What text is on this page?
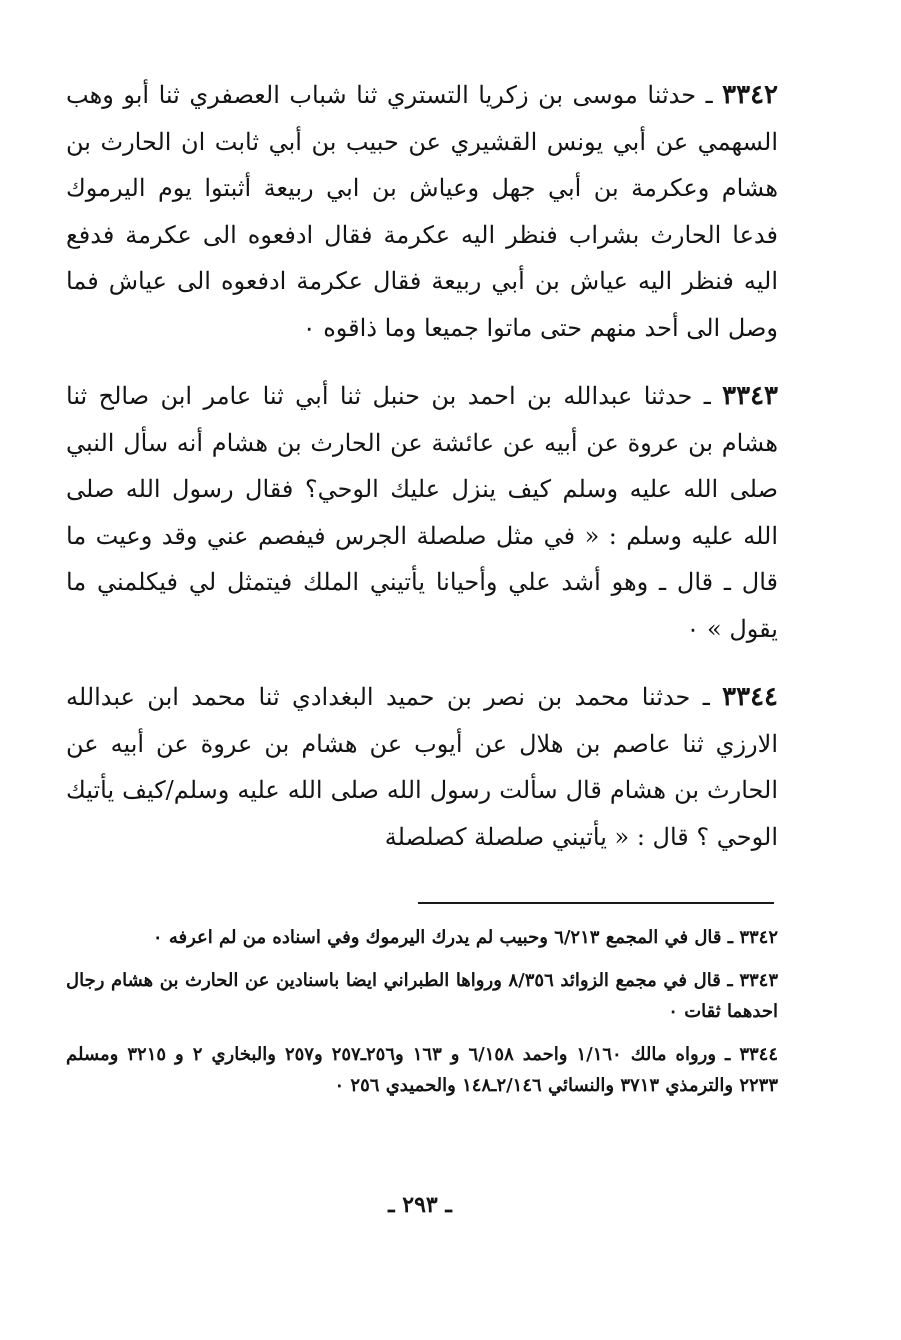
٣٣٤٢ ـ حدثنا موسى بن زكريا التستري ثنا شباب العصفري ثنا أبو وهب السهمي عن أبي يونس القشيري عن حبيب بن أبي ثابت ان الحارث بن هشام وعكرمة بن أبي جهل وعياش بن ابي ربيعة أثبتوا يوم اليرموك فدعا الحارث بشراب فنظر اليه عكرمة فقال ادفعوه الى عكرمة فدفع اليه فنظر اليه عياش بن أبي ربيعة فقال عكرمة ادفعوه الى عياش فما وصل الى أحد منهم حتى ماتوا جميعا وما ذاقوه ٠

٣٣٤٣ ـ حدثنا عبدالله بن احمد بن حنبل ثنا أبي ثنا عامر ابن صالح ثنا هشام بن عروة عن أبيه عن عائشة عن الحارث بن هشام أنه سأل النبي صلى الله عليه وسلم كيف ينزل عليك الوحي؟ فقال رسول الله صلى الله عليه وسلم : « في مثل صلصلة الجرس فيفصم عني وقد وعيت ما قال ـ قال ـ وهو أشد علي وأحيانا يأتيني الملك فيتمثل لي فيكلمني ما يقول » ٠

٣٣٤٤ ـ حدثنا محمد بن نصر بن حميد البغدادي ثنا محمد ابن عبدالله الارزي ثنا عاصم بن هلال عن أيوب عن هشام بن عروة عن أبيه عن الحارث بن هشام قال سألت رسول الله صلى الله عليه وسلم/كيف يأتيك الوحي ؟ قال : « يأتيني صلصلة كصلصلة

٣٣٤٢ ـ قال في المجمع ٦/٢١٣ وحبيب لم يدرك اليرموك وفي اسناده من لم اعرفه ٠

٣٣٤٣ ـ قال في مجمع الزوائد ٨/٣٥٦ ورواها الطبراني ايضا باسنادين عن الحارث بن هشام رجال احدهما ثقات ٠

٣٣٤٤ ـ ورواه مالك ١/١٦٠ واحمد ٦/١٥٨ و ١٦٣ و٢٥٦ـ٢٥٧ و٢٥٧ والبخاري ٢ و ٣٢١٥ ومسلم ٢٢٣٣ والترمذي ٣٧١٣ والنسائي ٢/١٤٦ـ١٤٨ والحميدي ٢٥٦ ٠

ـ ٢٩٣ ـ
